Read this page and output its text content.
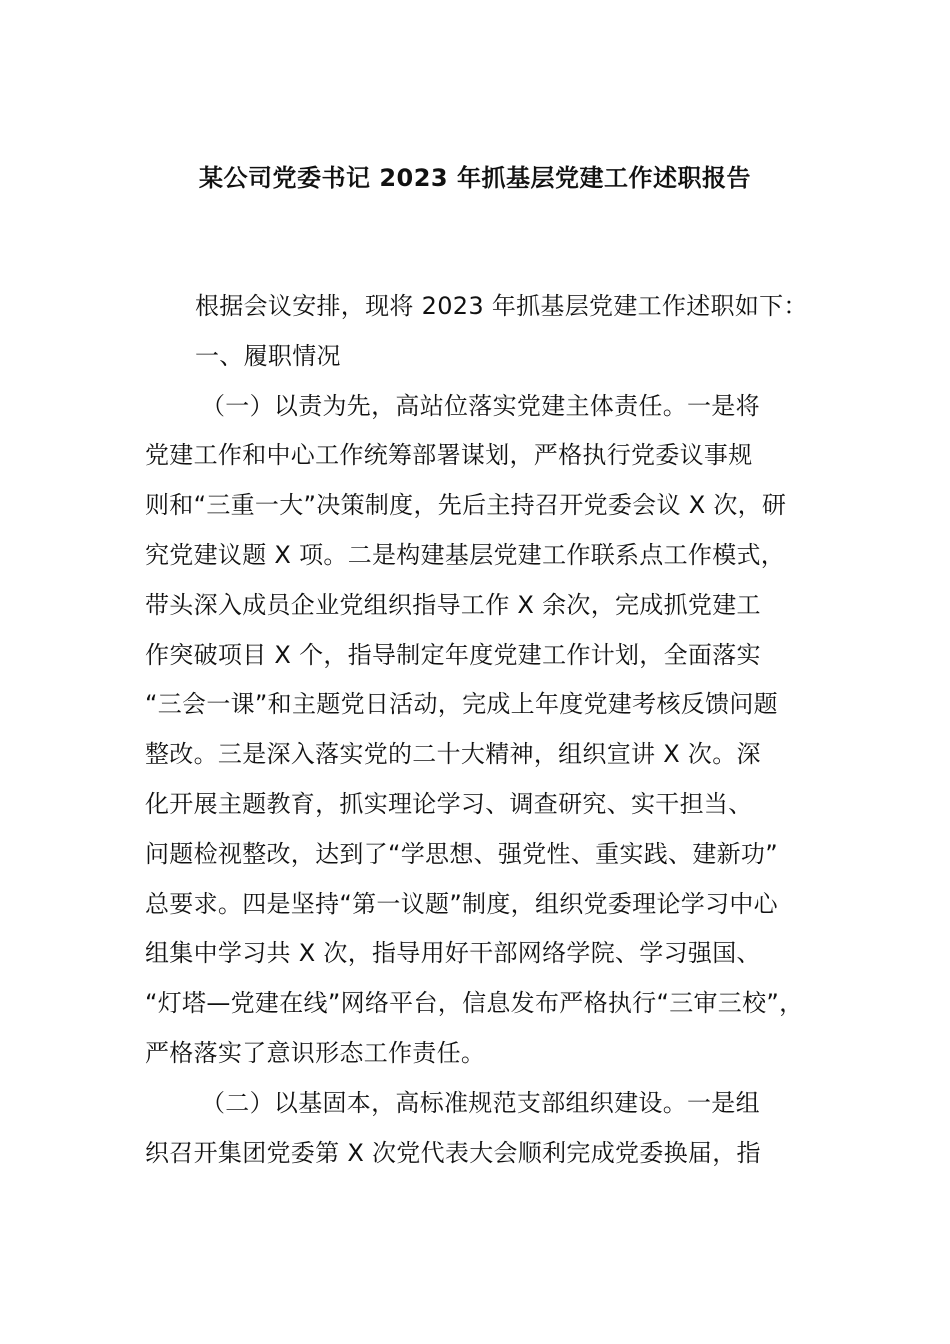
某公司党委书记 2023 年抓基层党建工作述职报告
根据会议安排，现将 2023 年抓基层党建工作述职如下：
一、履职情况
（一）以责为先，高站位落实党建主体责任。一是将
党建工作和中心工作统筹部署谋划，严格执行党委议事规
则和“三重一大”决策制度，先后主持召开党委会议 X 次，研
究党建议题 X 项。二是构建基层党建工作联系点工作模式，
带头深入成员企业党组织指导工作 X 余次，完成抓党建工
作突破项目 X 个，指导制定年度党建工作计划，全面落实
“三会一课”和主题党日活动，完成上年度党建考核反馈问题
整改。三是深入落实党的二十大精神，组织宣讲 X 次。深
化开展主题教育，抓实理论学习、调查研究、实干担当、
问题检视整改，达到了“学思想、强党性、重实践、建新功”
总要求。四是坚持“第一议题”制度，组织党委理论学习中心
组集中学习共 X 次，指导用好干部网络学院、学习强国、
“灯塔—党建在线”网络平台，信息发布严格执行“三审三校”，
严格落实了意识形态工作责任。
（二）以基固本，高标准规范支部组织建设。一是组
织召开集团党委第 X 次党代表大会顺利完成党委换届，指
